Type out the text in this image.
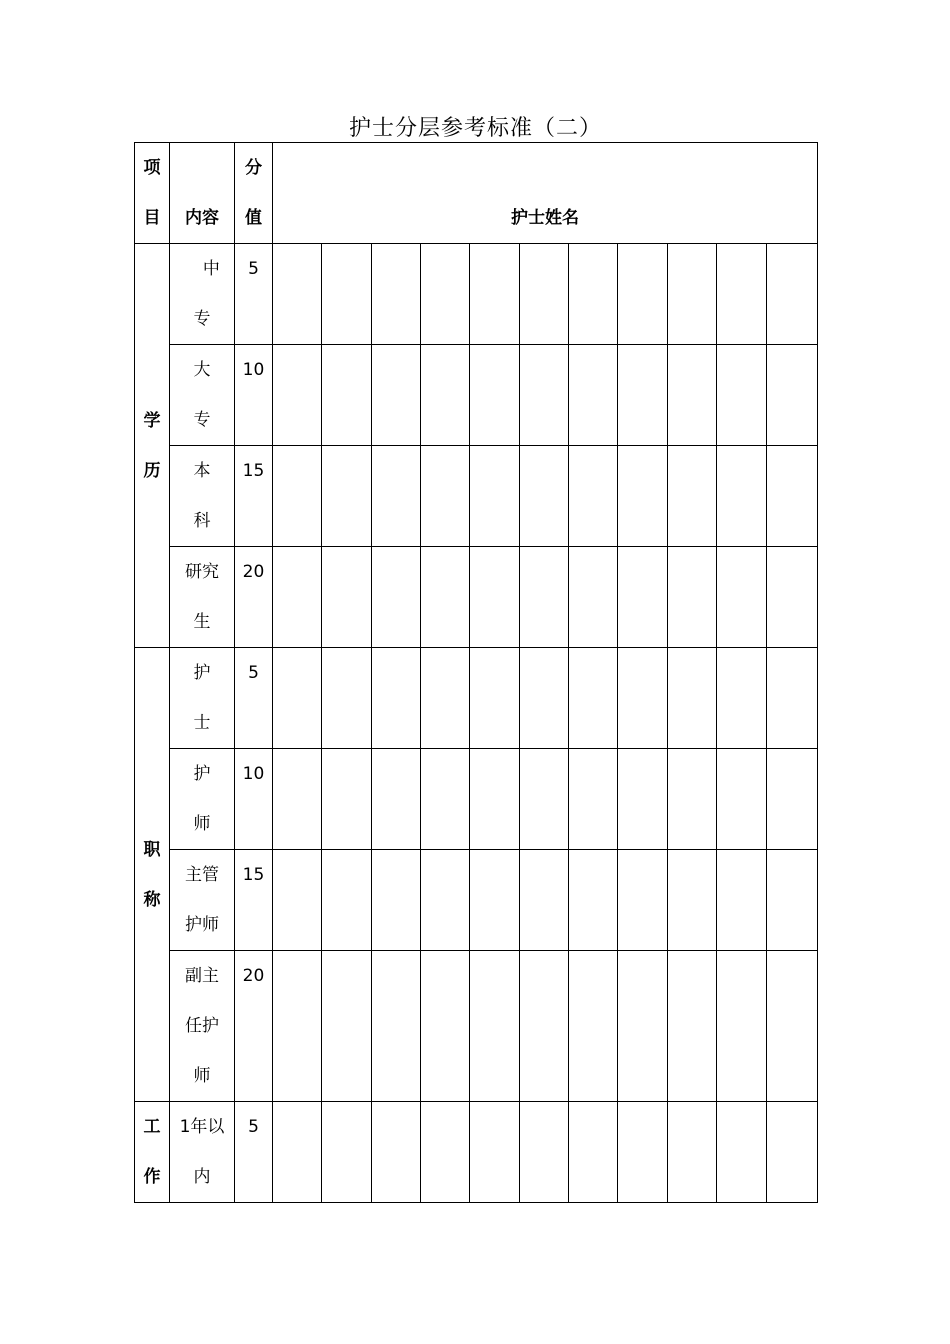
护士分层参考标准（二）
项目	内容	分值	护士姓名										
学历	中专	5											

	大专	10											

	本科	15											

	研究生	20											

职称	护士	5											

	护师	10											

	主管护师	15											

	副主任护师	20											

工作	1年以内	5											
